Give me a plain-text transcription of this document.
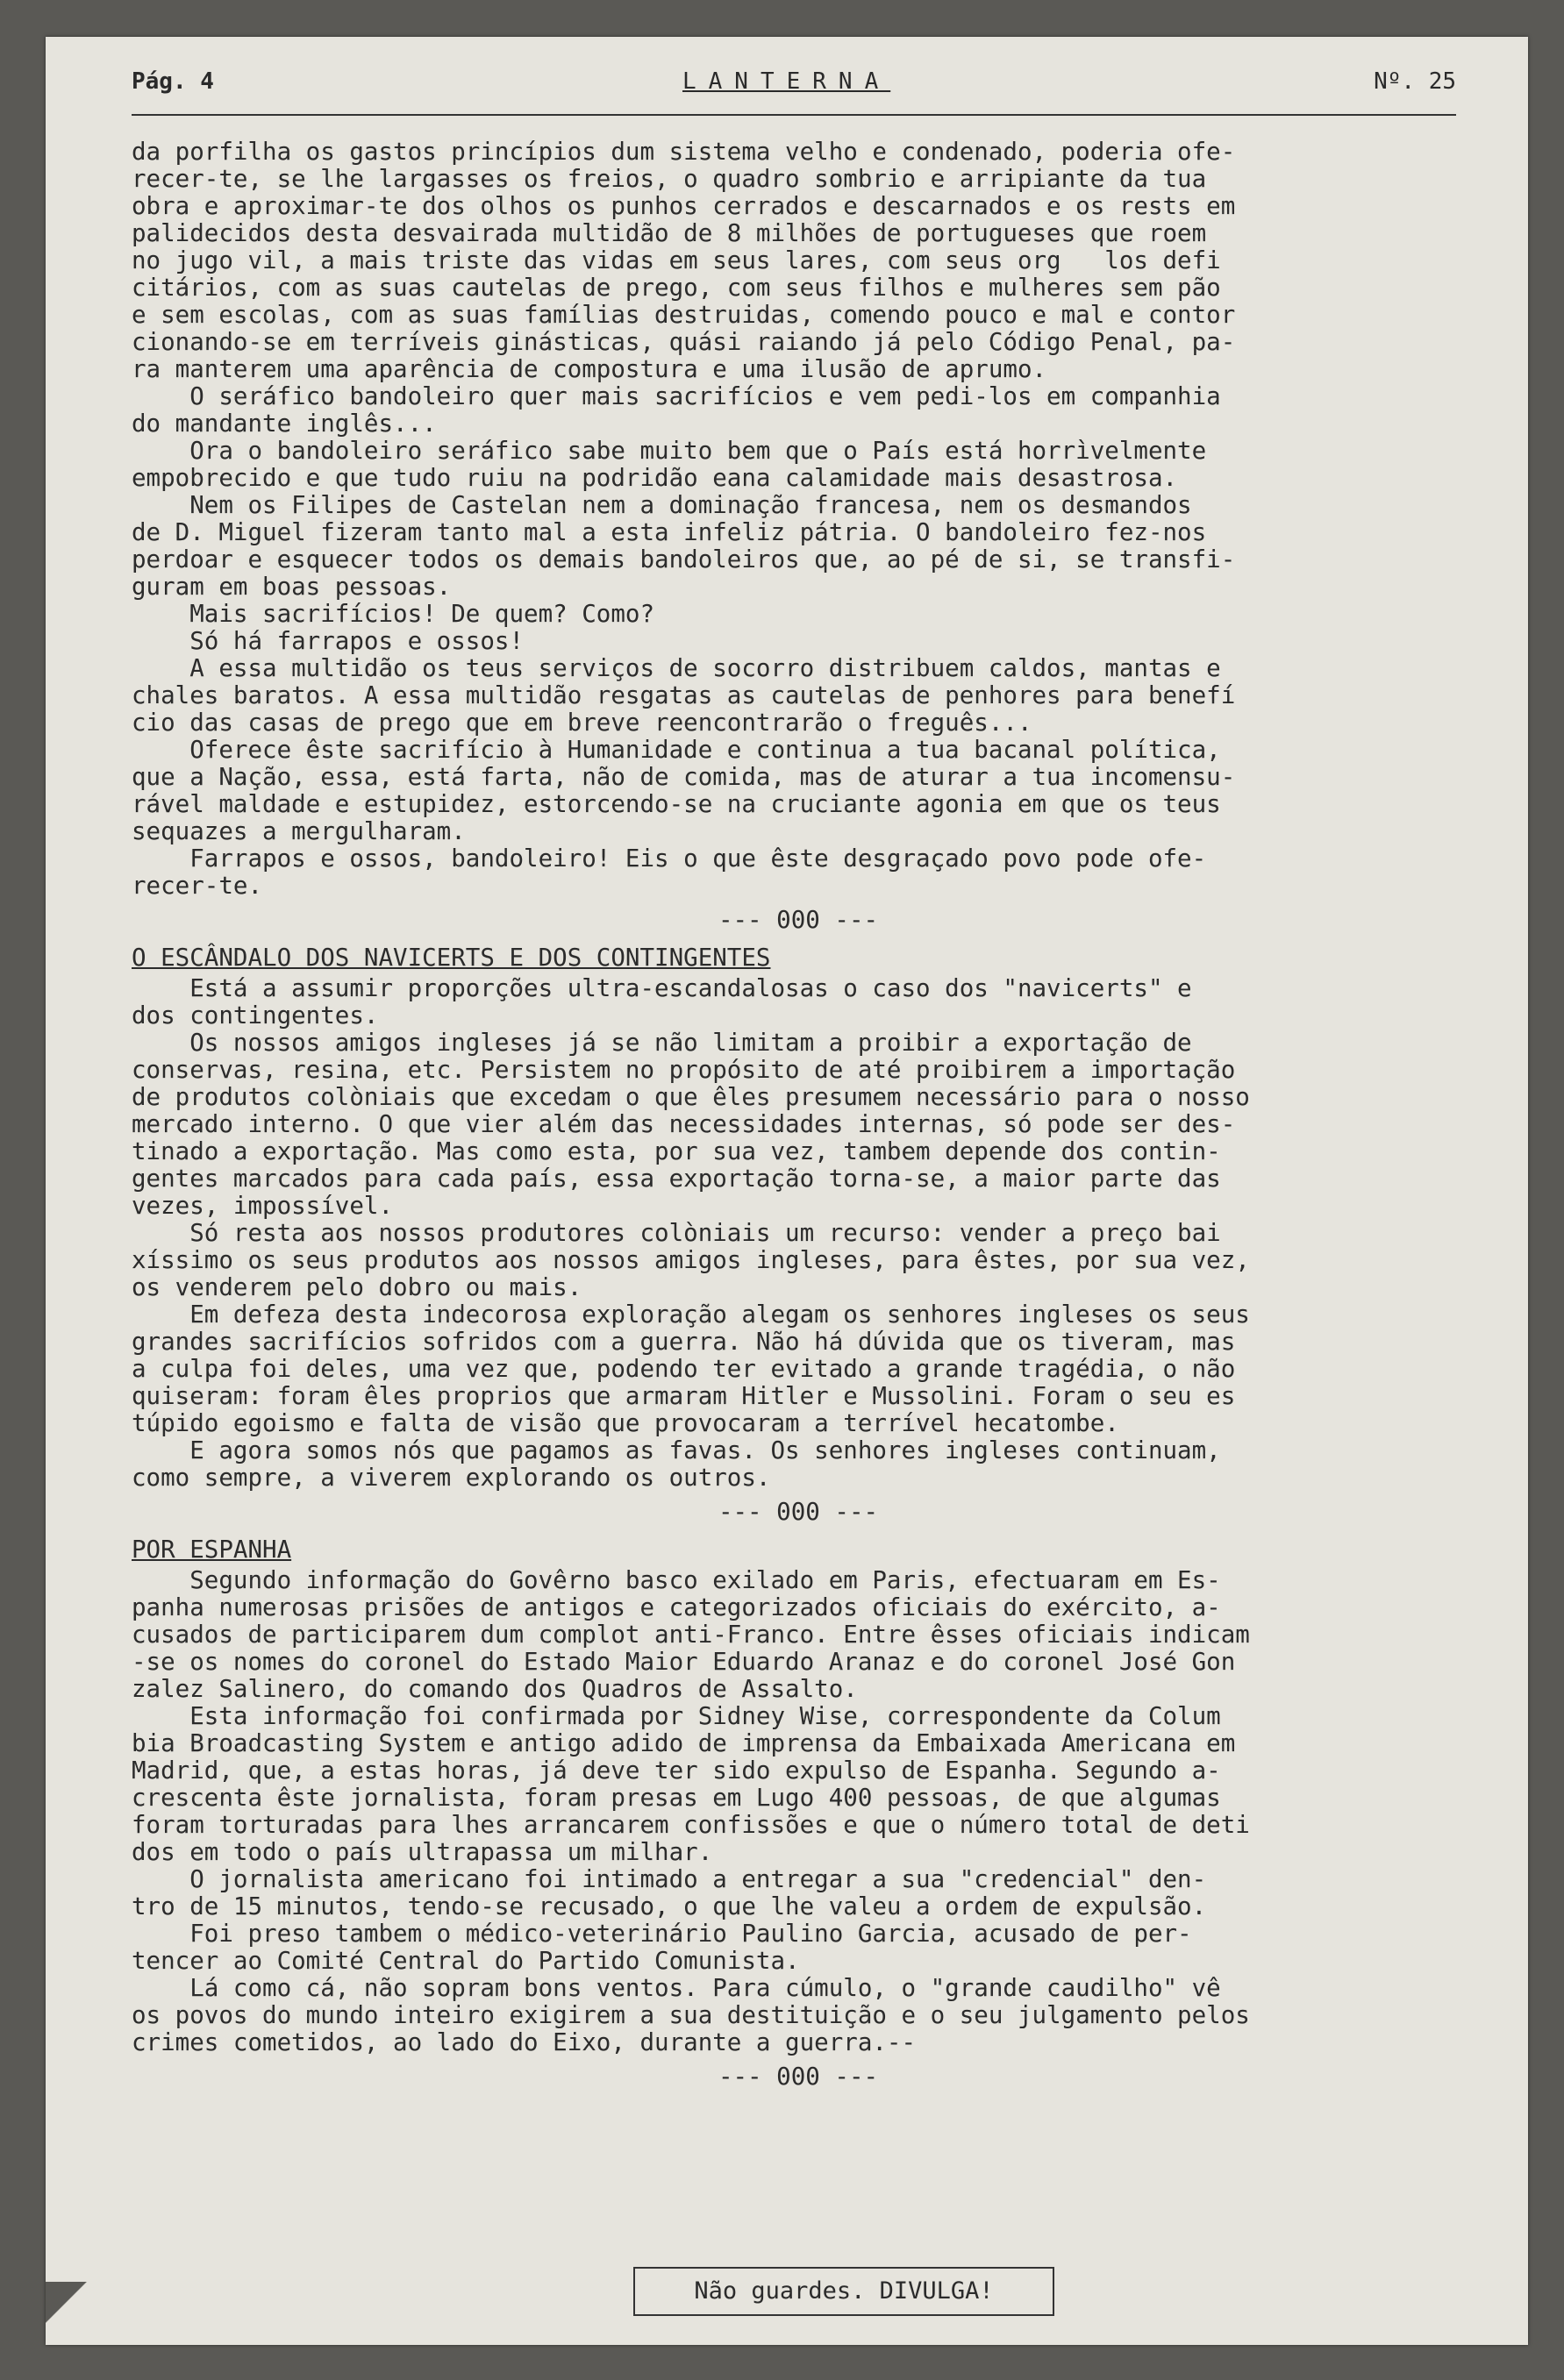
Pág. 4	LANTERNA	Nº. 25
da porfilha os gastos princípios dum sistema velho e condenado, poderia ofe-
recer-te, se lhe largasses os freios, o quadro sombrio e arripiante da tua
obra e aproximar-te dos olhos os punhos cerrados e descarnados e os rests em
palidecidos desta desvairada multidão de 8 milhões de portugueses que roem
no jugo vil, a mais triste das vidas em seus lares, com seus org   los defi
citários, com as suas cautelas de prego, com seus filhos e mulheres sem pão
e sem escolas, com as suas famílias destruidas, comendo pouco e mal e contor
cionando-se em terríveis ginásticas, quási raiando já pelo Código Penal, pa-
ra manterem uma aparência de compostura e uma ilusão de aprumo.
O seráfico bandoleiro quer mais sacrifícios e vem pedi-los em companhia
do mandante inglês...
Ora o bandoleiro seráfico sabe muito bem que o País está horrìvelmente
empobrecido e que tudo ruiu na podridão eana calamidade mais desastrosa.
Nem os Filipes de Castelan nem a dominação francesa, nem os desmandos
de D. Miguel fizeram tanto mal a esta infeliz pátria. O bandoleiro fez-nos
perdoar e esquecer todos os demais bandoleiros que, ao pé de si, se transfi-
guram em boas pessoas.
Mais sacrifícios! De quem? Como?
Só há farrapos e ossos!
A essa multidão os teus serviços de socorro distribuem caldos, mantas e
chales baratos. A essa multidão resgatas as cautelas de penhores para benefí
cio das casas de prego que em breve reencontrarão o freguês...
Oferece êste sacrifício à Humanidade e continua a tua bacanal política,
que a Nação, essa, está farta, não de comida, mas de aturar a tua incomensu-
rável maldade e estupidez, estorcendo-se na cruciante agonia em que os teus
sequazes a mergulharam.
Farrapos e ossos, bandoleiro! Eis o que êste desgraçado povo pode ofe-
recer-te.
--- 000 ---
O ESCÂNDALO DOS NAVICERTS E DOS CONTINGENTES
Está a assumir proporções ultra-escandalosas o caso dos "navicerts" e
dos contingentes.
Os nossos amigos ingleses já se não limitam a proibir a exportação de
conservas, resina, etc. Persistem no propósito de até proibirem a importação
de produtos colòniais que excedam o que êles presumem necessário para o nosso
mercado interno. O que vier além das necessidades internas, só pode ser des-
tinado a exportação. Mas como esta, por sua vez, tambem depende dos contin-
gentes marcados para cada país, essa exportação torna-se, a maior parte das
vezes, impossível.
Só resta aos nossos produtores colòniais um recurso: vender a preço bai
xíssimo os seus produtos aos nossos amigos ingleses, para êstes, por sua vez,
os venderem pelo dobro ou mais.
Em defeza desta indecorosa exploração alegam os senhores ingleses os seus
grandes sacrifícios sofridos com a guerra. Não há dúvida que os tiveram, mas
a culpa foi deles, uma vez que, podendo ter evitado a grande tragédia, o não
quiseram: foram êles proprios que armaram Hitler e Mussolini. Foram o seu es
túpido egoismo e falta de visão que provocaram a terrível hecatombe.
E agora somos nós que pagamos as favas. Os senhores ingleses continuam,
como sempre, a viverem explorando os outros.
--- 000 ---
POR ESPANHA
Segundo informação do Govêrno basco exilado em Paris, efectuaram em Es-
panha numerosas prisões de antigos e categorizados oficiais do exército, a-
cusados de participarem dum complot anti-Franco. Entre êsses oficiais indicam
-se os nomes do coronel do Estado Maior Eduardo Aranaz e do coronel José Gon
zalez Salinero, do comando dos Quadros de Assalto.
Esta informação foi confirmada por Sidney Wise, correspondente da Colum
bia Broadcasting System e antigo adido de imprensa da Embaixada Americana em
Madrid, que, a estas horas, já deve ter sido expulso de Espanha. Segundo a-
crescenta êste jornalista, foram presas em Lugo 400 pessoas, de que algumas
foram torturadas para lhes arrancarem confissões e que o número total de deti
dos em todo o país ultrapassa um milhar.
O jornalista americano foi intimado a entregar a sua "credencial" den-
tro de 15 minutos, tendo-se recusado, o que lhe valeu a ordem de expulsão.
Foi preso tambem o médico-veterinário Paulino Garcia, acusado de per-
tencer ao Comité Central do Partido Comunista.
Lá como cá, não sopram bons ventos. Para cúmulo, o "grande caudilho" vê
os povos do mundo inteiro exigirem a sua destituição e o seu julgamento pelos
crimes cometidos, ao lado do Eixo, durante a guerra.--
--- 000 ---
Não guardes. DIVULGA!
